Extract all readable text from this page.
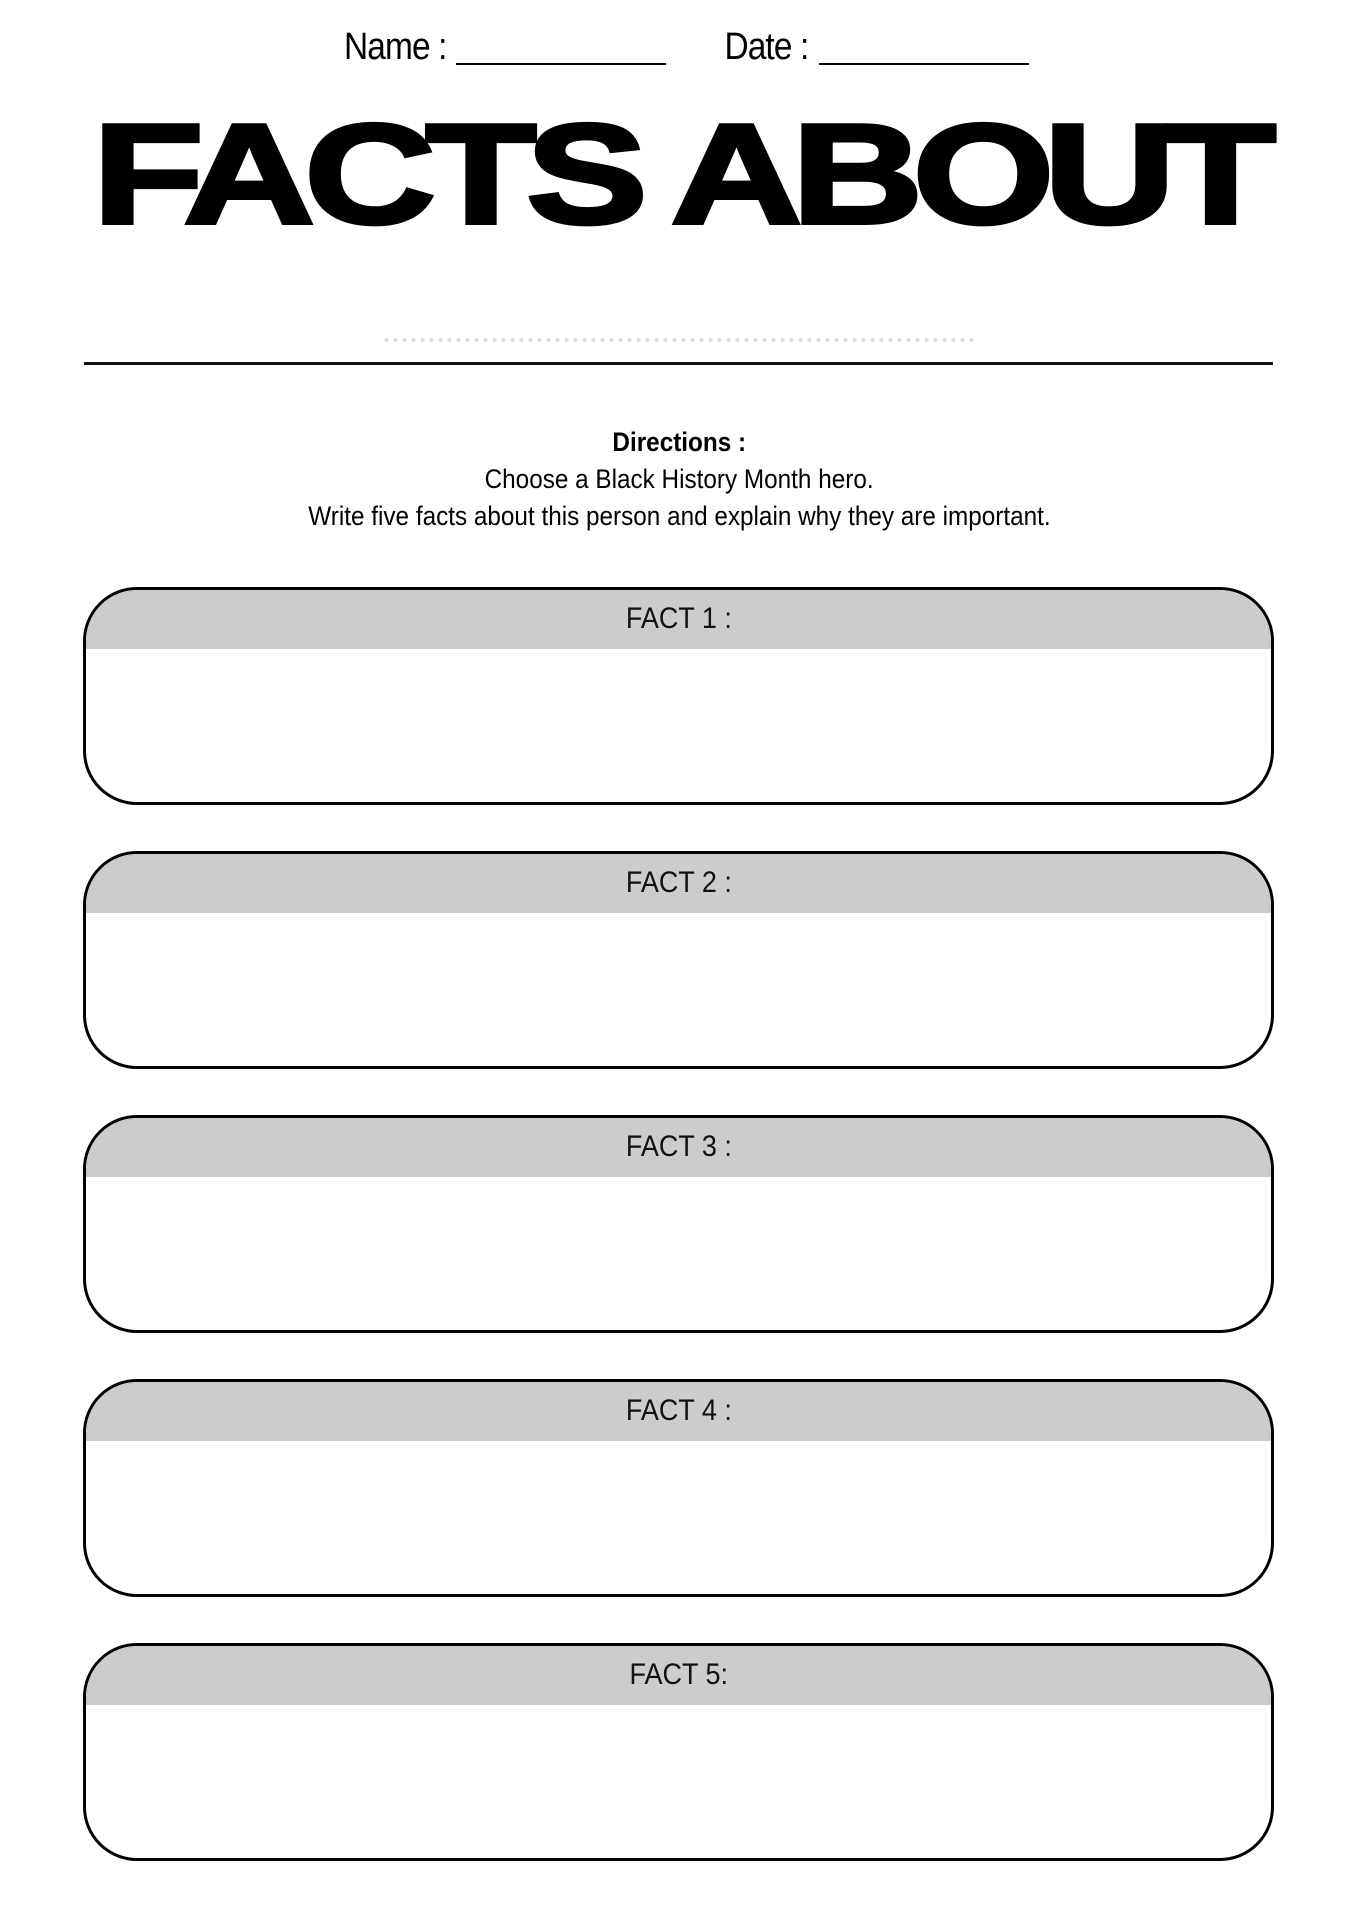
Name :	Date :
FACTS ABOUT
Directions :
Choose a Black History Month hero.
Write five facts about this person and explain why they are important.
FACT 1 :
FACT 2 :
FACT 3 :
FACT 4 :
FACT 5:
